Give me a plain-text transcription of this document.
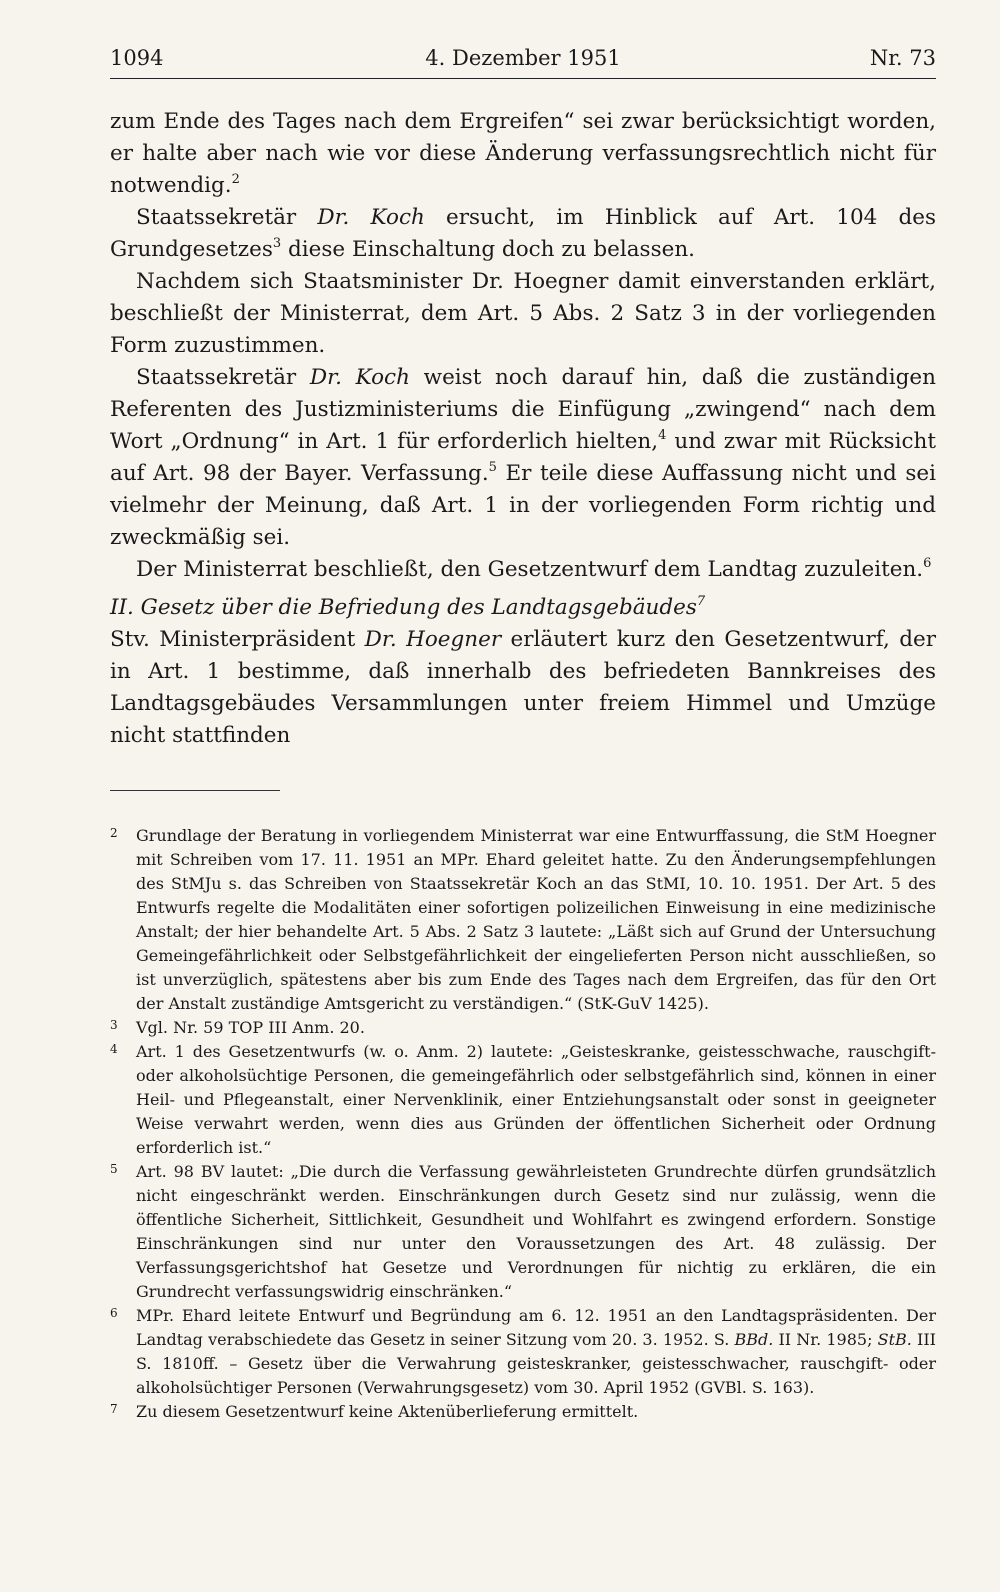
1094	4. Dezember 1951	Nr. 73

zum Ende des Tages nach dem Ergreifen“ sei zwar berücksichtigt worden, er halte aber nach wie vor diese Änderung verfassungsrechtlich nicht für notwendig.$^2$

Staatssekretär Dr. Koch ersucht, im Hinblick auf Art. 104 des Grundgesetzes$^3$ diese Einschaltung doch zu belassen.

Nachdem sich Staatsminister Dr. Hoegner damit einverstanden erklärt, beschließt der Ministerrat, dem Art. 5 Abs. 2 Satz 3 in der vorliegenden Form zuzustimmen.

Staatssekretär Dr. Koch weist noch darauf hin, daß die zuständigen Referenten des Justizministeriums die Einfügung „zwingend“ nach dem Wort „Ordnung“ in Art. 1 für erforderlich hielten,$^4$ und zwar mit Rücksicht auf Art. 98 der Bayer. Verfassung.$^5$ Er teile diese Auffassung nicht und sei vielmehr der Meinung, daß Art. 1 in der vorliegenden Form richtig und zweckmäßig sei.

Der Ministerrat beschließt, den Gesetzentwurf dem Landtag zuzuleiten.$^6$

II. Gesetz über die Befriedung des Landtagsgebäudes$^7$

Stv. Ministerpräsident Dr. Hoegner erläutert kurz den Gesetzentwurf, der in Art. 1 bestimme, daß innerhalb des befriedeten Bannkreises des Landtagsgebäudes Versammlungen unter freiem Himmel und Umzüge nicht stattfinden

2 Grundlage der Beratung in vorliegendem Ministerrat war eine Entwurffassung, die StM Hoegner mit Schreiben vom 17. 11. 1951 an MPr. Ehard geleitet hatte. Zu den Änderungsempfehlungen des StMJu s. das Schreiben von Staatssekretär Koch an das StMI, 10. 10. 1951. Der Art. 5 des Entwurfs regelte die Modalitäten einer sofortigen polizeilichen Einweisung in eine medizinische Anstalt; der hier behandelte Art. 5 Abs. 2 Satz 3 lautete: „Läßt sich auf Grund der Untersuchung Gemeingefährlichkeit oder Selbstgefährlichkeit der eingelieferten Person nicht ausschließen, so ist unverzüglich, spätestens aber bis zum Ende des Tages nach dem Ergreifen, das für den Ort der Anstalt zuständige Amtsgericht zu verständigen.“ (StK-GuV 1425).

3 Vgl. Nr. 59 TOP III Anm. 20.

4 Art. 1 des Gesetzentwurfs (w. o. Anm. 2) lautete: „Geisteskranke, geistesschwache, rauschgift- oder alkoholsüchtige Personen, die gemeingefährlich oder selbstgefährlich sind, können in einer Heil- und Pflegeanstalt, einer Nervenklinik, einer Entziehungsanstalt oder sonst in geeigneter Weise verwahrt werden, wenn dies aus Gründen der öffentlichen Sicherheit oder Ordnung erforderlich ist.“

5 Art. 98 BV lautet: „Die durch die Verfassung gewährleisteten Grundrechte dürfen grundsätzlich nicht eingeschränkt werden. Einschränkungen durch Gesetz sind nur zulässig, wenn die öffentliche Sicherheit, Sittlichkeit, Gesundheit und Wohlfahrt es zwingend erfordern. Sonstige Einschränkungen sind nur unter den Voraussetzungen des Art. 48 zulässig. Der Verfassungsgerichtshof hat Gesetze und Verordnungen für nichtig zu erklären, die ein Grundrecht verfassungswidrig einschränken.“

6 MPr. Ehard leitete Entwurf und Begründung am 6. 12. 1951 an den Landtagspräsidenten. Der Landtag verabschiedete das Gesetz in seiner Sitzung vom 20. 3. 1952. S. BBd. II Nr. 1985; StB. III S. 1810ff. – Gesetz über die Verwahrung geisteskranker, geistesschwacher, rauschgift- oder alkoholsüchtiger Personen (Verwahrungsgesetz) vom 30. April 1952 (GVBl. S. 163).

7 Zu diesem Gesetzentwurf keine Aktenüberlieferung ermittelt.
